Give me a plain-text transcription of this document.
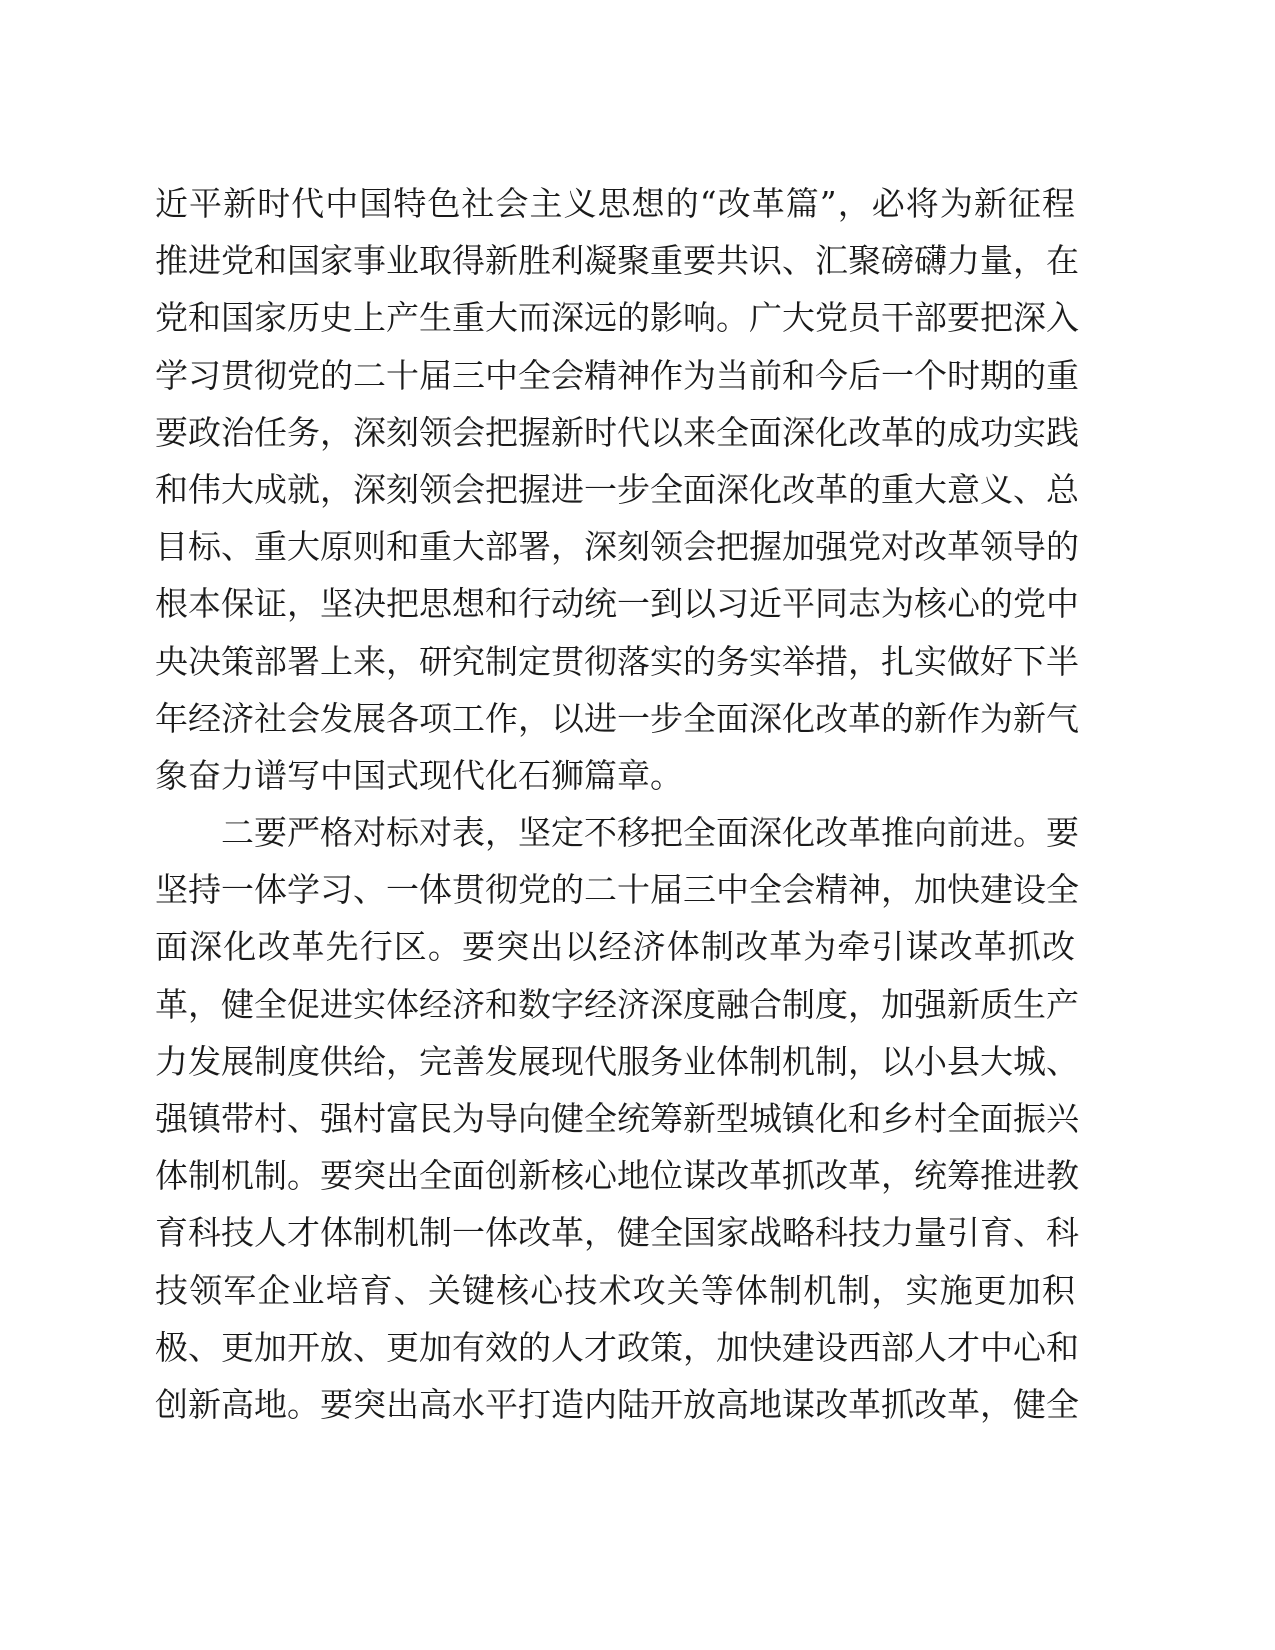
近平新时代中国特色社会主义思想的“改革篇”，必将为新征程
推进党和国家事业取得新胜利凝聚重要共识、汇聚磅礴力量，在
党和国家历史上产生重大而深远的影响。广大党员干部要把深入
学习贯彻党的二十届三中全会精神作为当前和今后一个时期的重
要政治任务，深刻领会把握新时代以来全面深化改革的成功实践
和伟大成就，深刻领会把握进一步全面深化改革的重大意义、总
目标、重大原则和重大部署，深刻领会把握加强党对改革领导的
根本保证，坚决把思想和行动统一到以习近平同志为核心的党中
央决策部署上来，研究制定贯彻落实的务实举措，扎实做好下半
年经济社会发展各项工作，以进一步全面深化改革的新作为新气
象奋力谱写中国式现代化石狮篇章。
二要严格对标对表，坚定不移把全面深化改革推向前进。要
坚持一体学习、一体贯彻党的二十届三中全会精神，加快建设全
面深化改革先行区。要突出以经济体制改革为牵引谋改革抓改
革，健全促进实体经济和数字经济深度融合制度，加强新质生产
力发展制度供给，完善发展现代服务业体制机制，以小县大城、
强镇带村、强村富民为导向健全统筹新型城镇化和乡村全面振兴
体制机制。要突出全面创新核心地位谋改革抓改革，统筹推进教
育科技人才体制机制一体改革，健全国家战略科技力量引育、科
技领军企业培育、关键核心技术攻关等体制机制，实施更加积
极、更加开放、更加有效的人才政策，加快建设西部人才中心和
创新高地。要突出高水平打造内陆开放高地谋改革抓改革，健全
